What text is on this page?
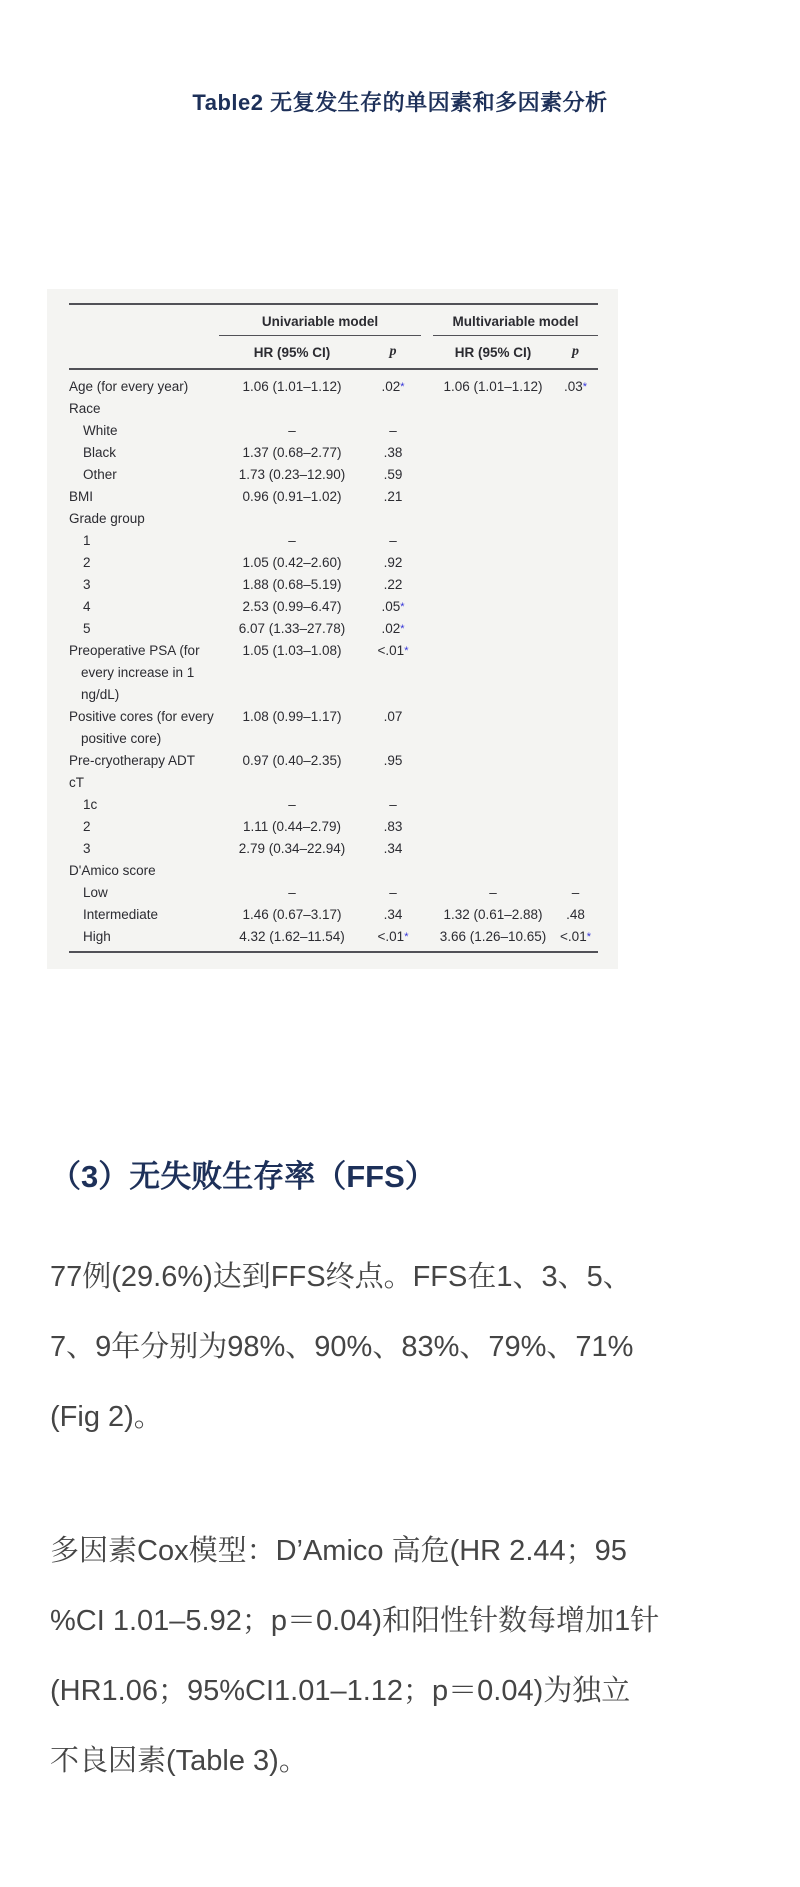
Table2 无复发生存的单因素和多因素分析
	Univariable model			Multivariable model	
	HR (95% CI)	p		HR (95% CI)	p
Age (for every year)	1.06 (1.01–1.12)	.02*		1.06 (1.01–1.12)	.03*
Race					
White	–	–			
Black	1.37 (0.68–2.77)	.38			
Other	1.73 (0.23–12.90)	.59			
BMI	0.96 (0.91–1.02)	.21			
Grade group					
1	–	–			
2	1.05 (0.42–2.60)	.92			
3	1.88 (0.68–5.19)	.22			
4	2.53 (0.99–6.47)	.05*			
5	6.07 (1.33–27.78)	.02*			
Preoperative PSA (for every increase in 1 ng/dL)	1.05 (1.03–1.08)	<.01*			
Positive cores (for every positive core)	1.08 (0.99–1.17)	.07			
Pre-cryotherapy ADT	0.97 (0.40–2.35)	.95			
cT					
1c	–	–			
2	1.11 (0.44–2.79)	.83			
3	2.79 (0.34–22.94)	.34			
D'Amico score					
Low	–	–		–	–
Intermediate	1.46 (0.67–3.17)	.34		1.32 (0.61–2.88)	.48
High	4.32 (1.62–11.54)	<.01*		3.66 (1.26–10.65)	<.01*
（3）无失败生存率（FFS）
77例(29.6%)达到FFS终点。FFS在1、3、5、
7、9年分别为98%、90%、83%、79%、71%
(Fig 2)。
多因素Cox模型：D’Amico 高危(HR 2.44；95
%CI 1.01–5.92；p＝0.04)和阳性针数每增加1针
(HR1.06；95%CI1.01–1.12；p＝0.04)为独立
不良因素(Table 3)。
